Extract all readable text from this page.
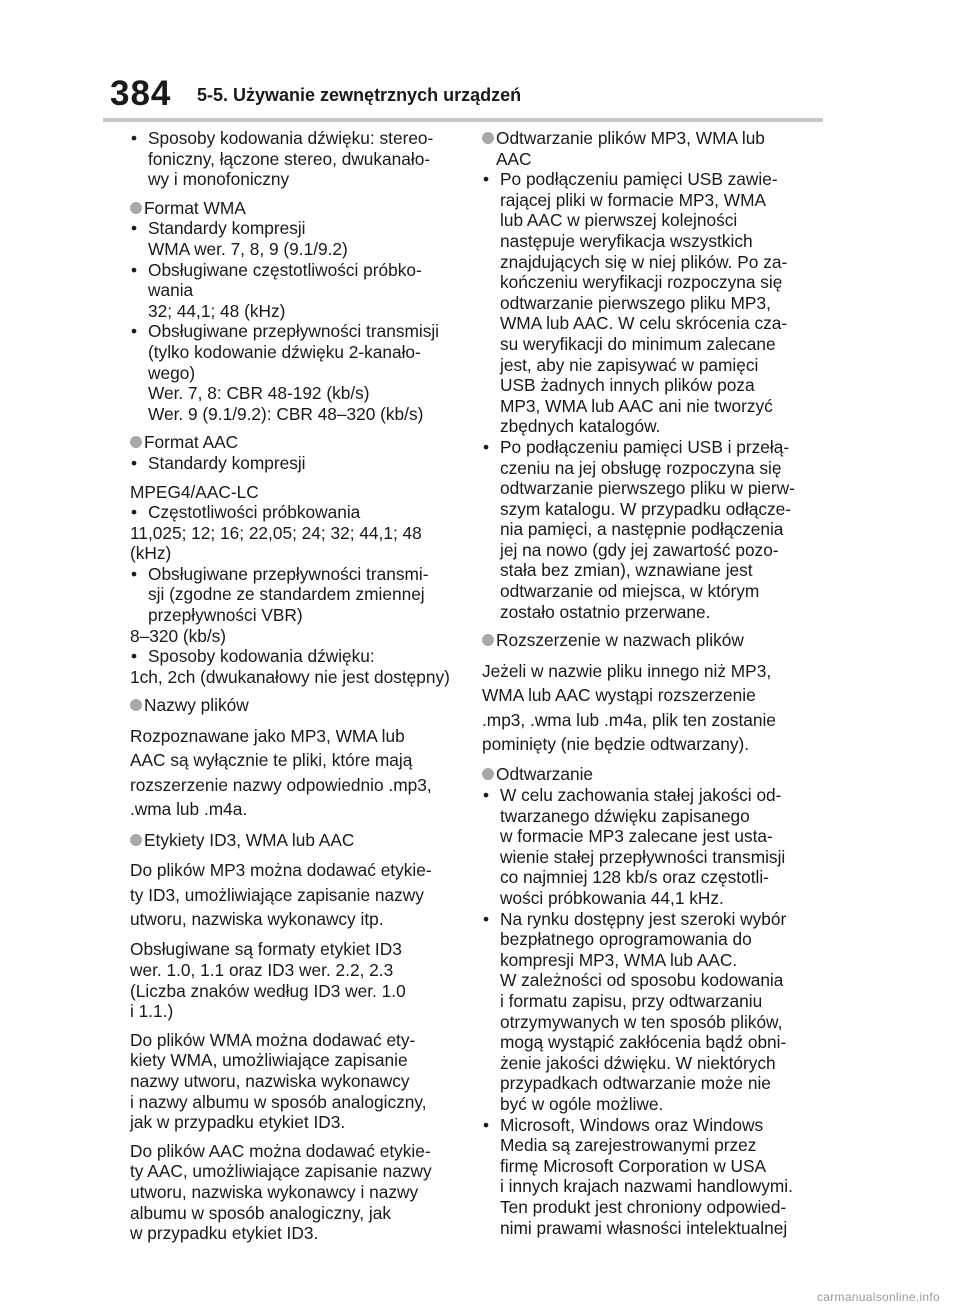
384 5-5. Używanie zewnętrznych urządzeń
• Sposoby kodowania dźwięku: stereo-
foniczny, łączone stereo, dwukanało-
wy i monofoniczny
Format WMA
• Standardy kompresji
WMA wer. 7, 8, 9 (9.1/9.2)
• Obsługiwane częstotliwości próbko-
wania
32; 44,1; 48 (kHz)
• Obsługiwane przepływności transmisji
(tylko kodowanie dźwięku 2-kanało-
wego)
Wer. 7, 8: CBR 48-192 (kb/s)
Wer. 9 (9.1/9.2): CBR 48–320 (kb/s)
Format AAC
• Standardy kompresji
MPEG4/AAC-LC
• Częstotliwości próbkowania
11,025; 12; 16; 22,05; 24; 32; 44,1; 48
(kHz)
• Obsługiwane przepływności transmi-
sji (zgodne ze standardem zmiennej
przepływności VBR)
8–320 (kb/s)
• Sposoby kodowania dźwięku:
1ch, 2ch (dwukanałowy nie jest dostępny)
Nazwy plików
Rozpoznawane jako MP3, WMA lub
AAC są wyłącznie te pliki, które mają
rozszerzenie nazwy odpowiednio .mp3,
.wma lub .m4a.
Etykiety ID3, WMA lub AAC
Do plików MP3 można dodawać etykie-
ty ID3, umożliwiające zapisanie nazwy
utworu, nazwiska wykonawcy itp.
Obsługiwane są formaty etykiet ID3
wer. 1.0, 1.1 oraz ID3 wer. 2.2, 2.3
(Liczba znaków według ID3 wer. 1.0
i 1.1.)
Do plików WMA można dodawać ety-
kiety WMA, umożliwiające zapisanie
nazwy utworu, nazwiska wykonawcy
i nazwy albumu w sposób analogiczny,
jak w przypadku etykiet ID3.
Do plików AAC można dodawać etykie-
ty AAC, umożliwiające zapisanie nazwy
utworu, nazwiska wykonawcy i nazwy
albumu w sposób analogiczny, jak
w przypadku etykiet ID3.
Odtwarzanie plików MP3, WMA lub
AAC
• Po podłączeniu pamięci USB zawie-
rającej pliki w formacie MP3, WMA
lub AAC w pierwszej kolejności
następuje weryfikacja wszystkich
znajdujących się w niej plików. Po za-
kończeniu weryfikacji rozpoczyna się
odtwarzanie pierwszego pliku MP3,
WMA lub AAC. W celu skrócenia cza-
su weryfikacji do minimum zalecane
jest, aby nie zapisywać w pamięci
USB żadnych innych plików poza
MP3, WMA lub AAC ani nie tworzyć
zbędnych katalogów.
• Po podłączeniu pamięci USB i przełą-
czeniu na jej obsługę rozpoczyna się
odtwarzanie pierwszego pliku w pierw-
szym katalogu. W przypadku odłącze-
nia pamięci, a następnie podłączenia
jej na nowo (gdy jej zawartość pozo-
stała bez zmian), wznawiane jest
odtwarzanie od miejsca, w którym
zostało ostatnio przerwane.
Rozszerzenie w nazwach plików
Jeżeli w nazwie pliku innego niż MP3,
WMA lub AAC wystąpi rozszerzenie
.mp3, .wma lub .m4a, plik ten zostanie
pominięty (nie będzie odtwarzany).
Odtwarzanie
• W celu zachowania stałej jakości od-
twarzanego dźwięku zapisanego
w formacie MP3 zalecane jest usta-
wienie stałej przepływności transmisji
co najmniej 128 kb/s oraz częstotli-
wości próbkowania 44,1 kHz.
• Na rynku dostępny jest szeroki wybór
bezpłatnego oprogramowania do
kompresji MP3, WMA lub AAC.
W zależności od sposobu kodowania
i formatu zapisu, przy odtwarzaniu
otrzymywanych w ten sposób plików,
mogą wystąpić zakłócenia bądź obni-
żenie jakości dźwięku. W niektórych
przypadkach odtwarzanie może nie
być w ogóle możliwe.
• Microsoft, Windows oraz Windows
Media są zarejestrowanymi przez
firmę Microsoft Corporation w USA
i innych krajach nazwami handlowymi.
Ten produkt jest chroniony odpowied-
nimi prawami własności intelektualnej
carmanualsonline.info
